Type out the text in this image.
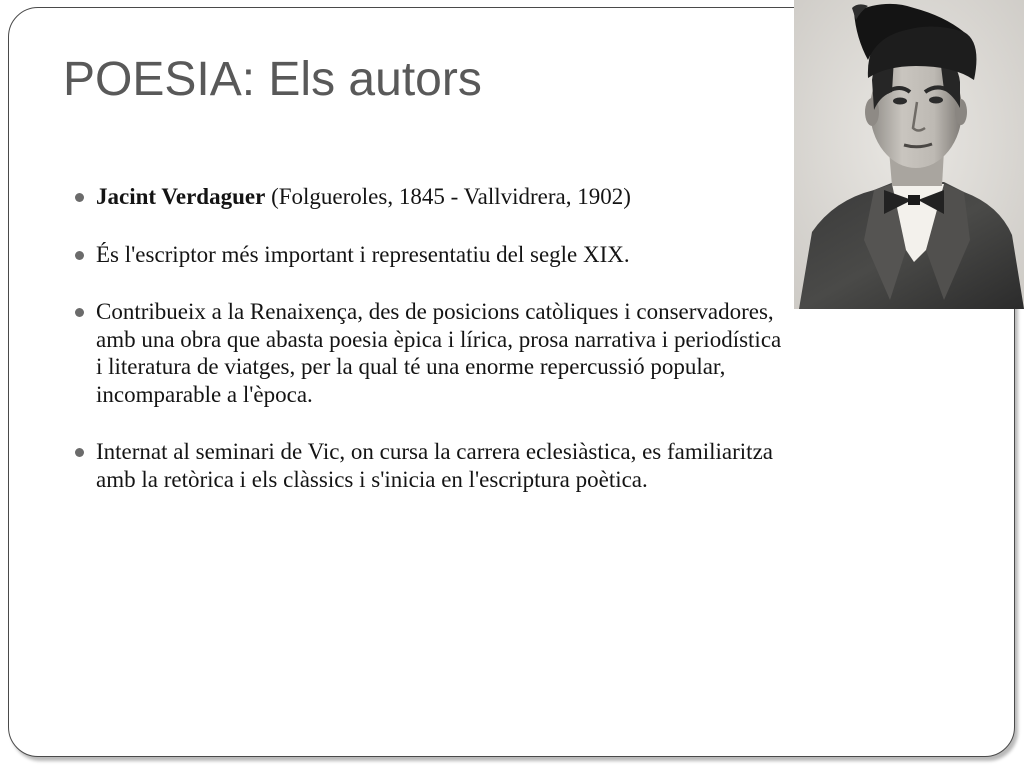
POESIA: Els autors
Jacint Verdaguer (Folgueroles, 1845 - Vallvidrera, 1902)
És l'escriptor més important i representatiu del segle XIX.
Contribueix a la Renaixença, des de posicions catòliques i conservadores, amb una obra que abasta poesia èpica i lírica, prosa narrativa i periodística i literatura de viatges, per la qual té una enorme repercussió popular, incomparable a l'època.
Internat al seminari de Vic, on cursa la carrera eclesiàstica, es familiaritza amb la retòrica i els clàssics i s'inicia en l'escriptura poètica.
